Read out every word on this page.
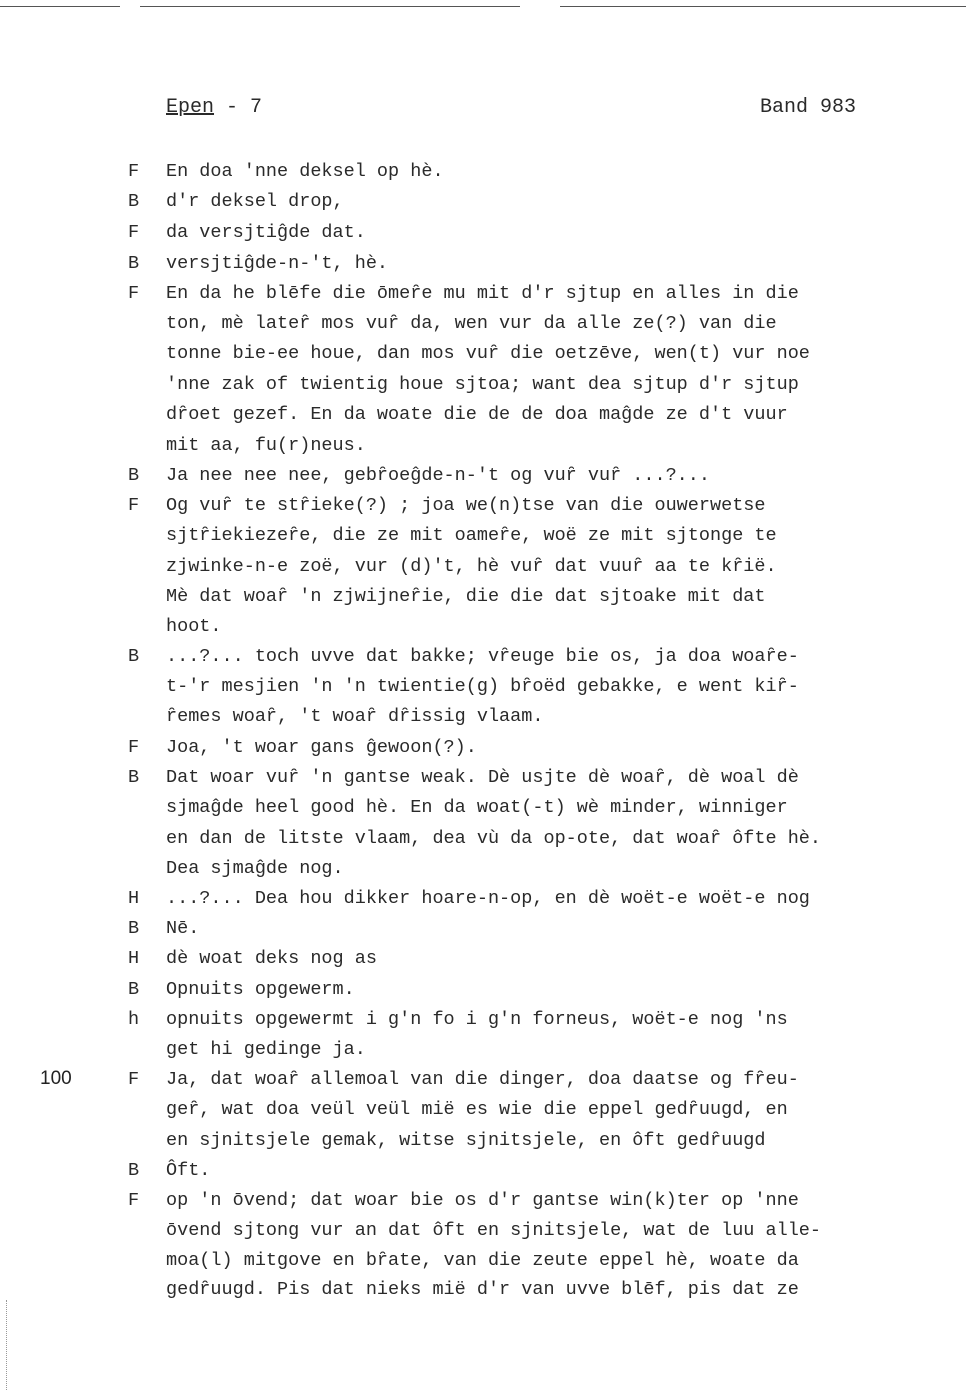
Epen - 7	Band 983
100
F En doa 'nne deksel op hè.
B d'r deksel drop,
F da versjtiĝde dat.
B versjtiĝde-n-'t, hè.
F En da he blēfe die ōmeȓe mu mit d'r sjtup en alles in die
ton, mè lateȓ mos vuȓ da, wen vur da alle ze(?) van die
tonne bie-ee houe, dan mos vuȓ die oetzēve, wen(t) vur noe
'nne zak of twientig houe sjtoa; want dea sjtup d'r sjtup
dȓoet gezef. En da woate die de de doa maĝde ze d't vuur
mit aa, fu(r)neus.
B Ja nee nee nee, gebȓoeĝde-n-'t og vuȓ vuȓ ...?...
F Og vuȓ te stȓieke(?) ; joa we(n)tse van die ouwerwetse
sjtȓiekiezeȓe, die ze mit oameȓe, woë ze mit sjtonge te
zjwinke-n-e zoë, vur (d)'t, hè vuȓ dat vuuȓ aa te kȓië.
Mè dat woaȓ 'n zjwijneȓie, die die dat sjtoake mit dat
hoot.
B ...?... toch uvve dat bakke; vȓeuge bie os, ja doa woaȓe-
t-'r mesjien 'n 'n twientie(g) bȓoëd gebakke, e went kiȓ-
ȓemes woaȓ, 't woaȓ dȓissig vlaam.
F Joa, 't woar gans ĝewoon(?).
B Dat woar vuȓ 'n gantse weak. Dè usjte dè woaȓ, dè woal dè
sjmaĝde heel good hè. En da woat(-t) wè minder, winniger
en dan de litste vlaam, dea vù da op-ote, dat woaȓ ôfte hè.
Dea sjmaĝde nog.
H ...?... Dea hou dikker hoare-n-op, en dè woët-e woët-e nog
B Nē.
H dè woat deks nog as
B Opnuits opgewerm.
h opnuits opgewermt i g'n fo i g'n forneus, woët-e nog 'ns
get hi gedinge ja.
F Ja, dat woaȓ allemoal van die dinger, doa daatse og fȓeu-
geȓ, wat doa veül veül mië es wie die eppel gedȓuugd, en
en sjnitsjele gemak, witse sjnitsjele, en ôft gedȓuugd
B Ôft.
F op 'n ōvend; dat woar bie os d'r gantse win(k)ter op 'nne
ōvend sjtong vur an dat ôft en sjnitsjele, wat de luu alle-
moa(l) mitgove en bȓate, van die zeute eppel hè, woate da
gedȓuugd. Pis dat nieks mië d'r van uvve blēf, pis dat ze
